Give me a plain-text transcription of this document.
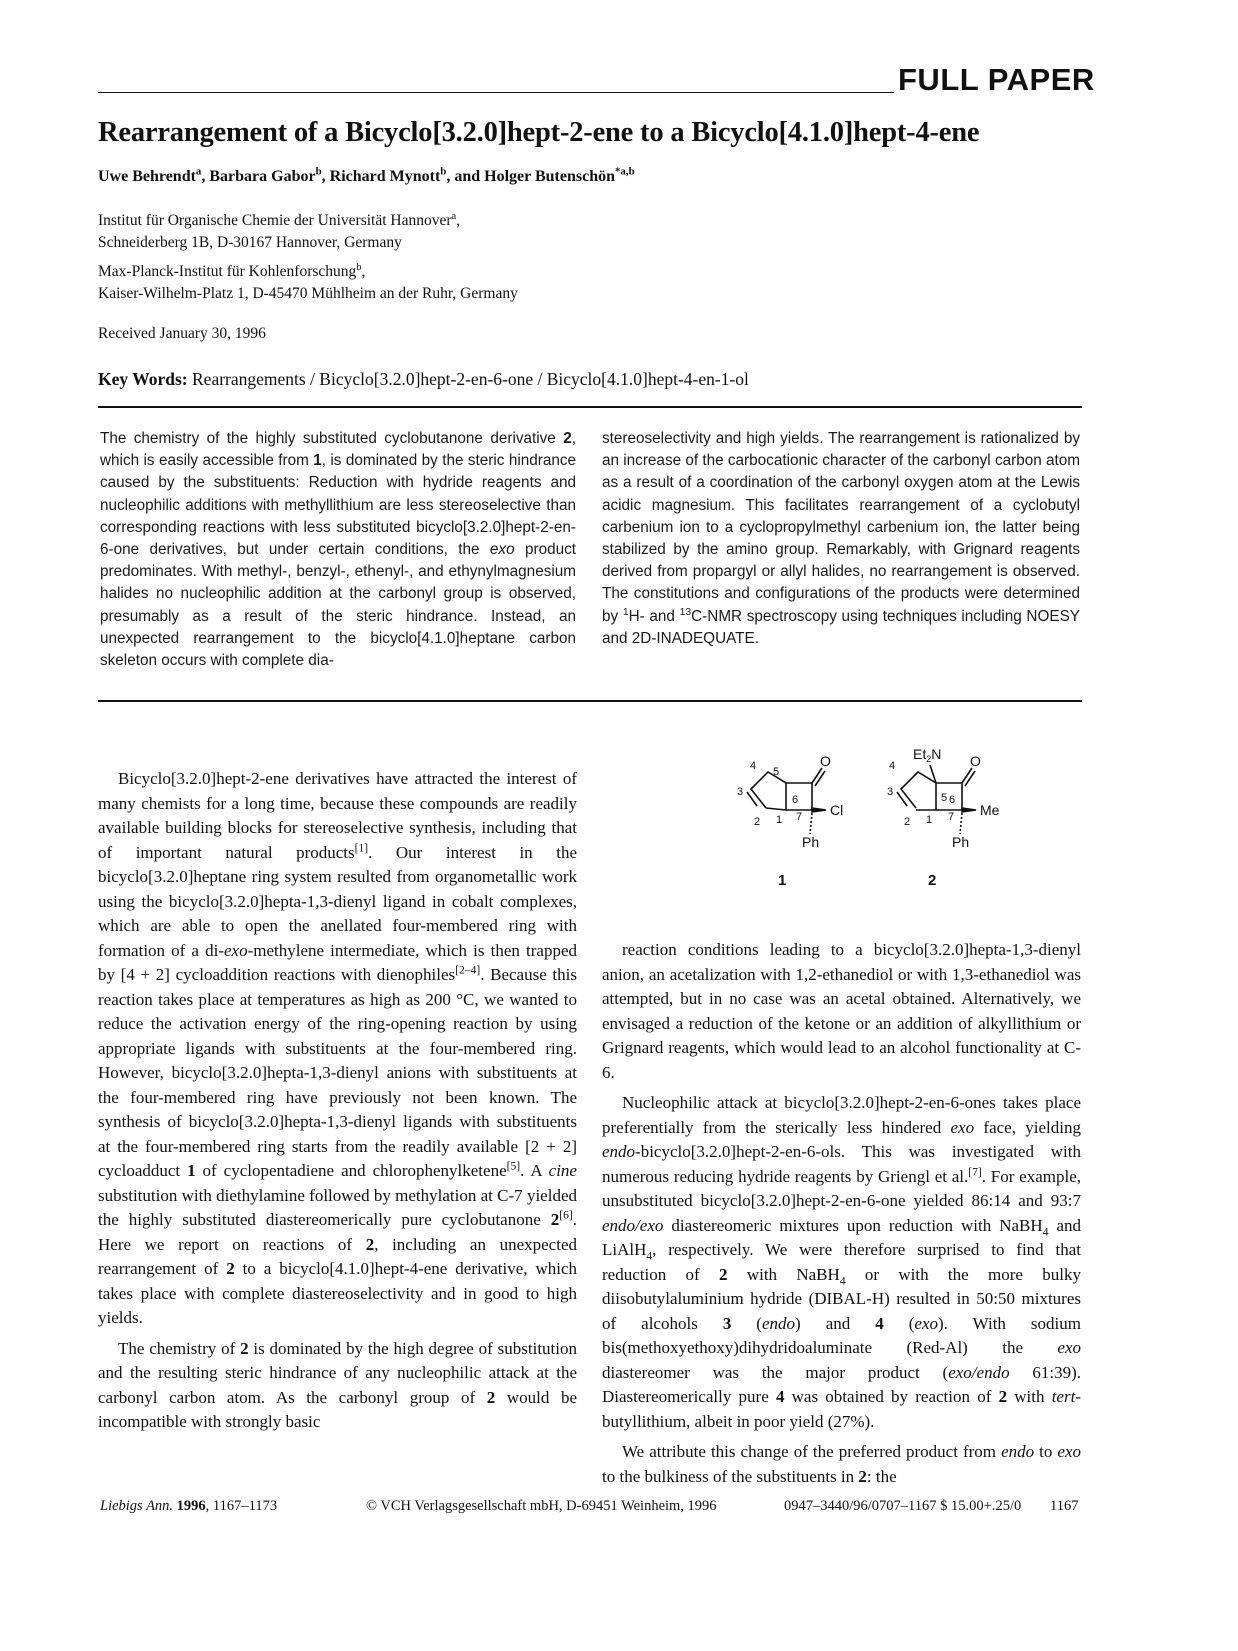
FULL PAPER
Rearrangement of a Bicyclo[3.2.0]hept-2-ene to a Bicyclo[4.1.0]hept-4-ene
Uwe Behrendt$^a$, Barbara Gabor$^b$, Richard Mynott$^b$, and Holger Butenschön$^{*a,b}$
Institut für Organische Chemie der Universität Hannover$^a$,
Schneiderberg 1B, D-30167 Hannover, Germany
Max-Planck-Institut für Kohlenforschung$^b$,
Kaiser-Wilhelm-Platz 1, D-45470 Mühlheim an der Ruhr, Germany
Received January 30, 1996
Key Words: Rearrangements / Bicyclo[3.2.0]hept-2-en-6-one / Bicyclo[4.1.0]hept-4-en-1-ol

The chemistry of the highly substituted cyclobutanone derivative 2, which is easily accessible from 1, is dominated by the steric hindrance caused by the substituents: Reduction with hydride reagents and nucleophilic additions with methyllithium are less stereoselective than corresponding reactions with less substituted bicyclo[3.2.0]hept-2-en-6-one derivatives, but under certain conditions, the exo product predominates. With methyl-, benzyl-, ethenyl-, and ethynylmagnesium halides no nucleophilic addition at the carbonyl group is observed, presumably as a result of the steric hindrance. Instead, an unexpected rearrangement to the bicyclo[4.1.0]heptane carbon skeleton occurs with complete dia-

stereoselectivity and high yields. The rearrangement is rationalized by an increase of the carbocationic character of the carbonyl carbon atom as a result of a coordination of the carbonyl oxygen atom at the Lewis acidic magnesium. This facilitates rearrangement of a cyclobutyl carbenium ion to a cyclopropylmethyl carbenium ion, the latter being stabilized by the amino group. Remarkably, with Grignard reagents derived from propargyl or allyl halides, no rearrangement is observed. The constitutions and configurations of the products were determined by $^1$H- and $^{13}$C-NMR spectroscopy using techniques including NOESY and 2D-INADEQUATE.

Bicyclo[3.2.0]hept-2-ene derivatives have attracted the interest of many chemists for a long time, because these compounds are readily available building blocks for stereoselective synthesis, including that of important natural products[1]. Our interest in the bicyclo[3.2.0]heptane ring system resulted from organometallic work using the bicyclo[3.2.0]hepta-1,3-dienyl ligand in cobalt complexes, which are able to open the anellated four-membered ring with formation of a di-exo-methylene intermediate, which is then trapped by [4 + 2] cycloaddition reactions with dienophiles[2–4]. Because this reaction takes place at temperatures as high as 200 °C, we wanted to reduce the activation energy of the ring-opening reaction by using appropriate ligands with substituents at the four-membered ring. However, bicyclo[3.2.0]hepta-1,3-dienyl anions with substituents at the four-membered ring have previously not been known. The synthesis of bicyclo[3.2.0]hepta-1,3-dienyl ligands with substituents at the four-membered ring starts from the readily available [2 + 2] cycloadduct 1 of cyclopentadiene and chlorophenylketene[5]. A cine substitution with diethylamine followed by methylation at C-7 yielded the highly substituted diastereomerically pure cyclobutanone 2[6]. Here we report on reactions of 2, including an unexpected rearrangement of 2 to a bicyclo[4.1.0]hept-4-ene derivative, which takes place with complete diastereoselectivity and in good to high yields.

The chemistry of 2 is dominated by the high degree of substitution and the resulting steric hindrance of any nucleophilic attack at the carbonyl carbon atom. As the carbonyl group of 2 would be incompatible with strongly basic

4 5
3
6
7
2 1
4
5
3
6
7
2 1
O
Cl
Ph
O
Me
Ph
$Et_2N$
1	2

reaction conditions leading to a bicyclo[3.2.0]hepta-1,3-dienyl anion, an acetalization with 1,2-ethanediol or with 1,3-ethanediol was attempted, but in no case was an acetal obtained. Alternatively, we envisaged a reduction of the ketone or an addition of alkyllithium or Grignard reagents, which would lead to an alcohol functionality at C-6.

Nucleophilic attack at bicyclo[3.2.0]hept-2-en-6-ones takes place preferentially from the sterically less hindered exo face, yielding endo-bicyclo[3.2.0]hept-2-en-6-ols. This was investigated with numerous reducing hydride reagents by Griengl et al.[7]. For example, unsubstituted bicyclo[3.2.0]hept-2-en-6-one yielded 86:14 and 93:7 endo/exo diastereomeric mixtures upon reduction with NaBH$_4$ and LiAlH$_4$, respectively. We were therefore surprised to find that reduction of 2 with NaBH$_4$ or with the more bulky diisobutylaluminium hydride (DIBAL-H) resulted in 50:50 mixtures of alcohols 3 (endo) and 4 (exo). With sodium bis(methoxyethoxy)dihydridoaluminate (Red-Al) the exo diastereomer was the major product (exo/endo 61:39). Diastereomerically pure 4 was obtained by reaction of 2 with tert-butyllithium, albeit in poor yield (27%).

We attribute this change of the preferred product from endo to exo to the bulkiness of the substituents in 2: the

Liebigs Ann. 1996, 1167–1173	© VCH Verlagsgesellschaft mbH, D-69451 Weinheim, 1996	0947–3440/96/0707–1167 $ 15.00+.25/0 1167
